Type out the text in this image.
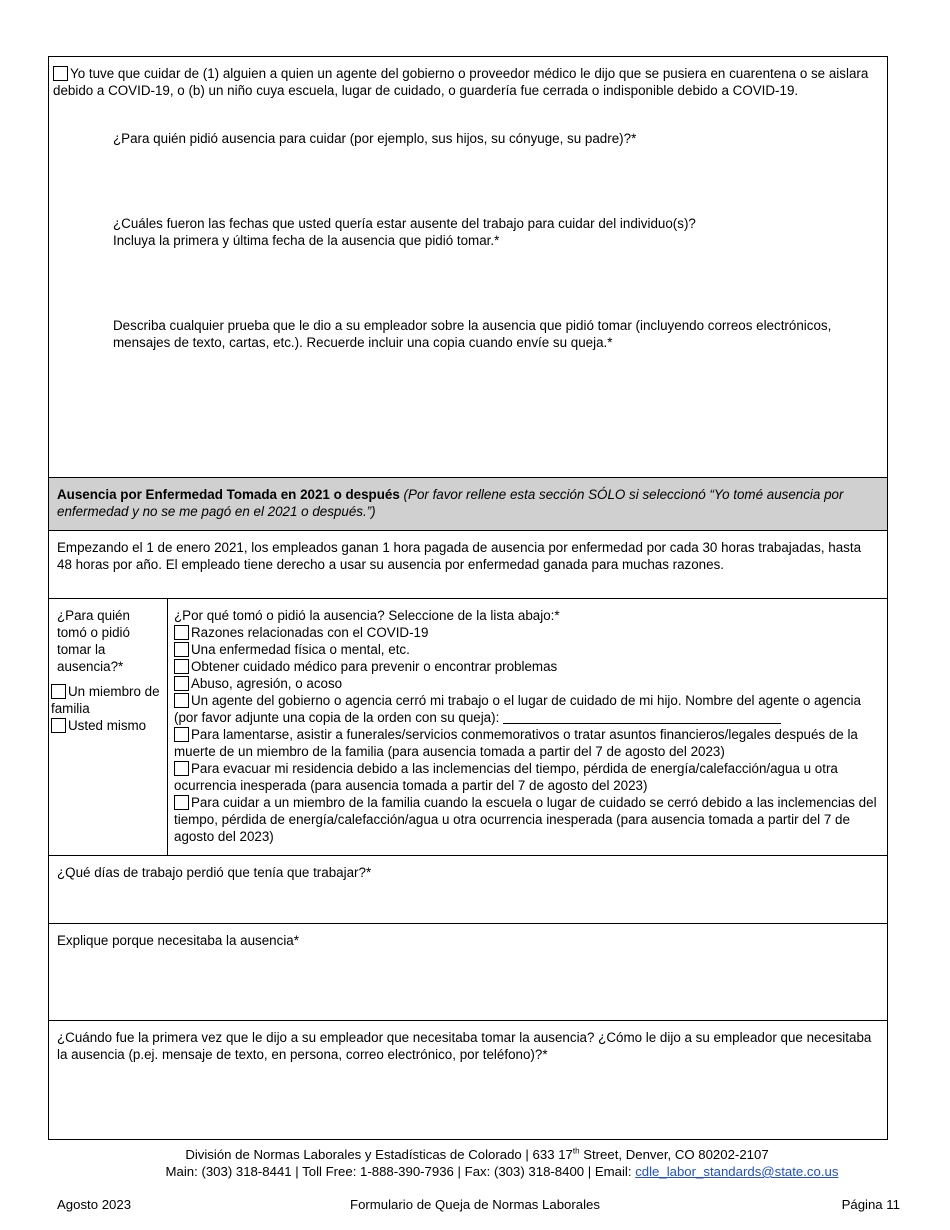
Yo tuve que cuidar de (1) alguien a quien un agente del gobierno o proveedor médico le dijo que se pusiera en cuarentena o se aislara debido a COVID-19, o (b) un niño cuya escuela, lugar de cuidado, o guardería fue cerrada o indisponible debido a COVID-19.
¿Para quién pidió ausencia para cuidar (por ejemplo, sus hijos, su cónyuge, su padre)?*
¿Cuáles fueron las fechas que usted quería estar ausente del trabajo para cuidar del individuo(s)?
Incluya la primera y última fecha de la ausencia que pidió tomar.*
Describa cualquier prueba que le dio a su empleador sobre la ausencia que pidió tomar (incluyendo correos electrónicos, mensajes de texto, cartas, etc.). Recuerde incluir una copia cuando envíe su queja.*
Ausencia por Enfermedad Tomada en 2021 o después (Por favor rellene esta sección SÓLO si seleccionó “Yo tomé ausencia por enfermedad y no se me pagó en el 2021 o después.”)
Empezando el 1 de enero 2021, los empleados ganan 1 hora pagada de ausencia por enfermedad por cada 30 horas trabajadas, hasta 48 horas por año. El empleado tiene derecho a usar su ausencia por enfermedad ganada para muchas razones.
¿Para quién tomó o pidió tomar la ausencia?*
Un miembro de familia
Usted mismo
¿Por qué tomó o pidió la ausencia? Seleccione de la lista abajo:*
Razones relacionadas con el COVID-19
Una enfermedad física o mental, etc.
Obtener cuidado médico para prevenir o encontrar problemas
Abuso, agresión, o acoso
Un agente del gobierno o agencia cerró mi trabajo o el lugar de cuidado de mi hijo. Nombre del agente o agencia (por favor adjunte una copia de la orden con su queja):
Para lamentarse, asistir a funerales/servicios conmemorativos o tratar asuntos financieros/legales después de la muerte de un miembro de la familia (para ausencia tomada a partir del 7 de agosto del 2023)
Para evacuar mi residencia debido a las inclemencias del tiempo, pérdida de energía/calefacción/agua u otra ocurrencia inesperada (para ausencia tomada a partir del 7 de agosto del 2023)
Para cuidar a un miembro de la familia cuando la escuela o lugar de cuidado se cerró debido a las inclemencias del tiempo, pérdida de energía/calefacción/agua u otra ocurrencia inesperada (para ausencia tomada a partir del 7 de agosto del 2023)
¿Qué días de trabajo perdió que tenía que trabajar?*
Explique porque necesitaba la ausencia*
¿Cuándo fue la primera vez que le dijo a su empleador que necesitaba tomar la ausencia? ¿Cómo le dijo a su empleador que necesitaba la ausencia (p.ej. mensaje de texto, en persona, correo electrónico, por teléfono)?*
División de Normas Laborales y Estadísticas de Colorado | 633 17th Street, Denver, CO 80202-2107
Main: (303) 318-8441 | Toll Free: 1-888-390-7936 | Fax: (303) 318-8400 | Email: cdle_labor_standards@state.co.us
Agosto 2023	Formulario de Queja de Normas Laborales	Página 11
